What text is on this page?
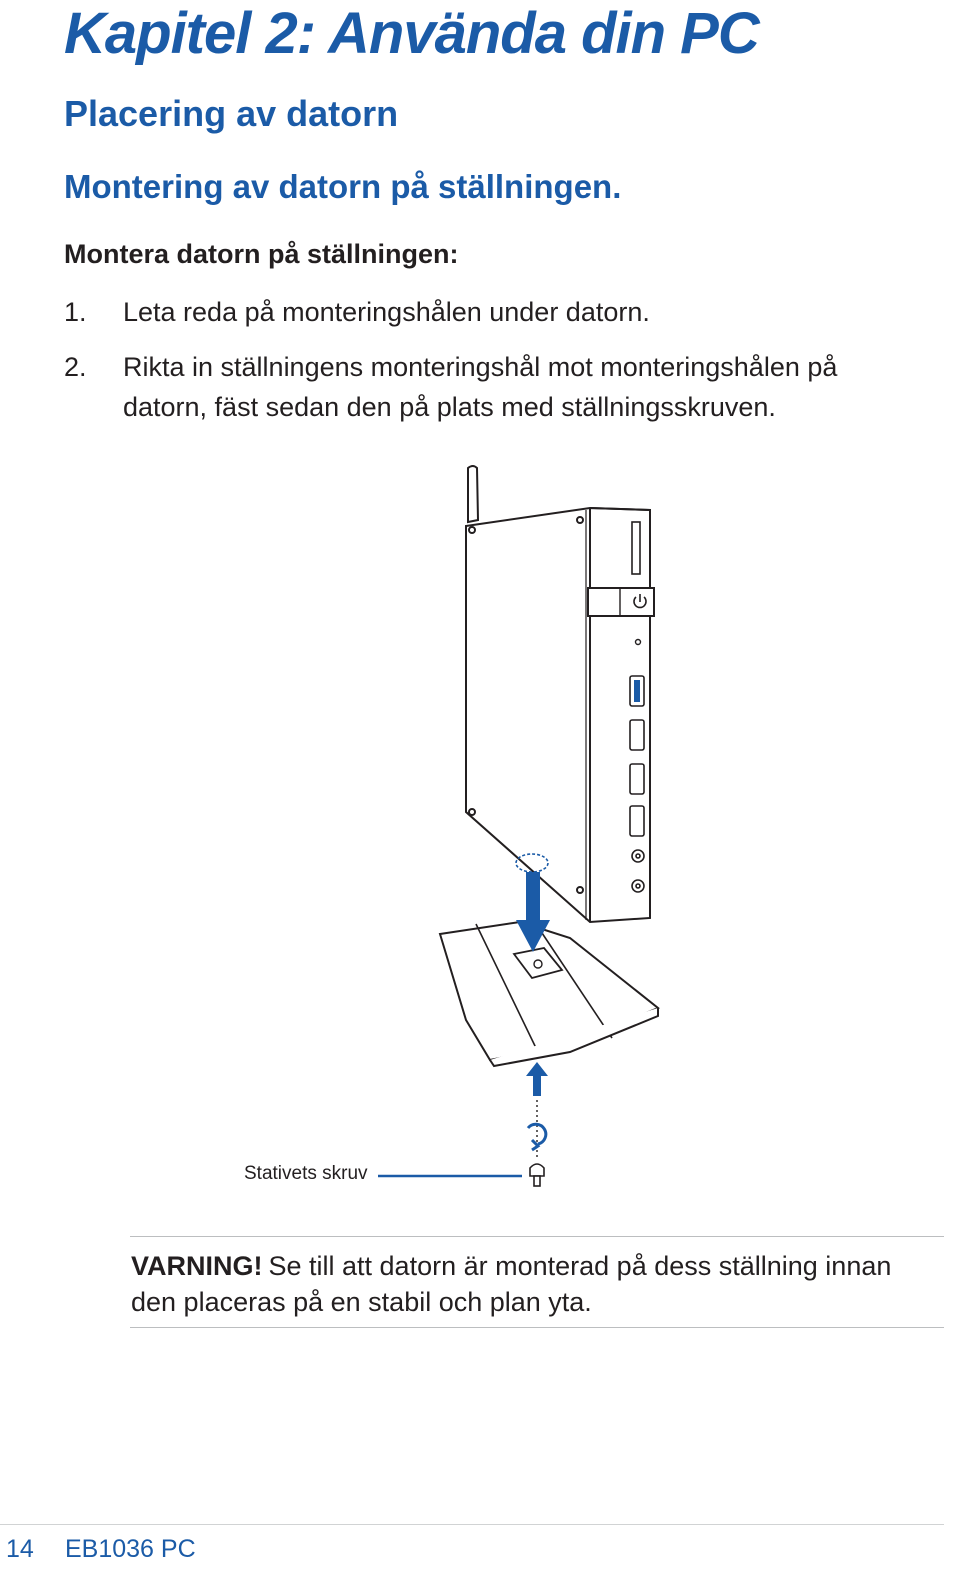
Kapitel 2: Använda din PC
Placering av datorn
Montering av datorn på ställningen.
Montera datorn på ställningen:
1.	Leta reda på monteringshålen under datorn.
2.	Rikta in ställningens monteringshål mot monteringshålen på datorn, fäst sedan den på plats med ställningsskruven.
Stativets skruv
VARNING! Se till att datorn är monterad på dess ställning innan den placeras på en stabil och plan yta.
14 EB1036 PC
